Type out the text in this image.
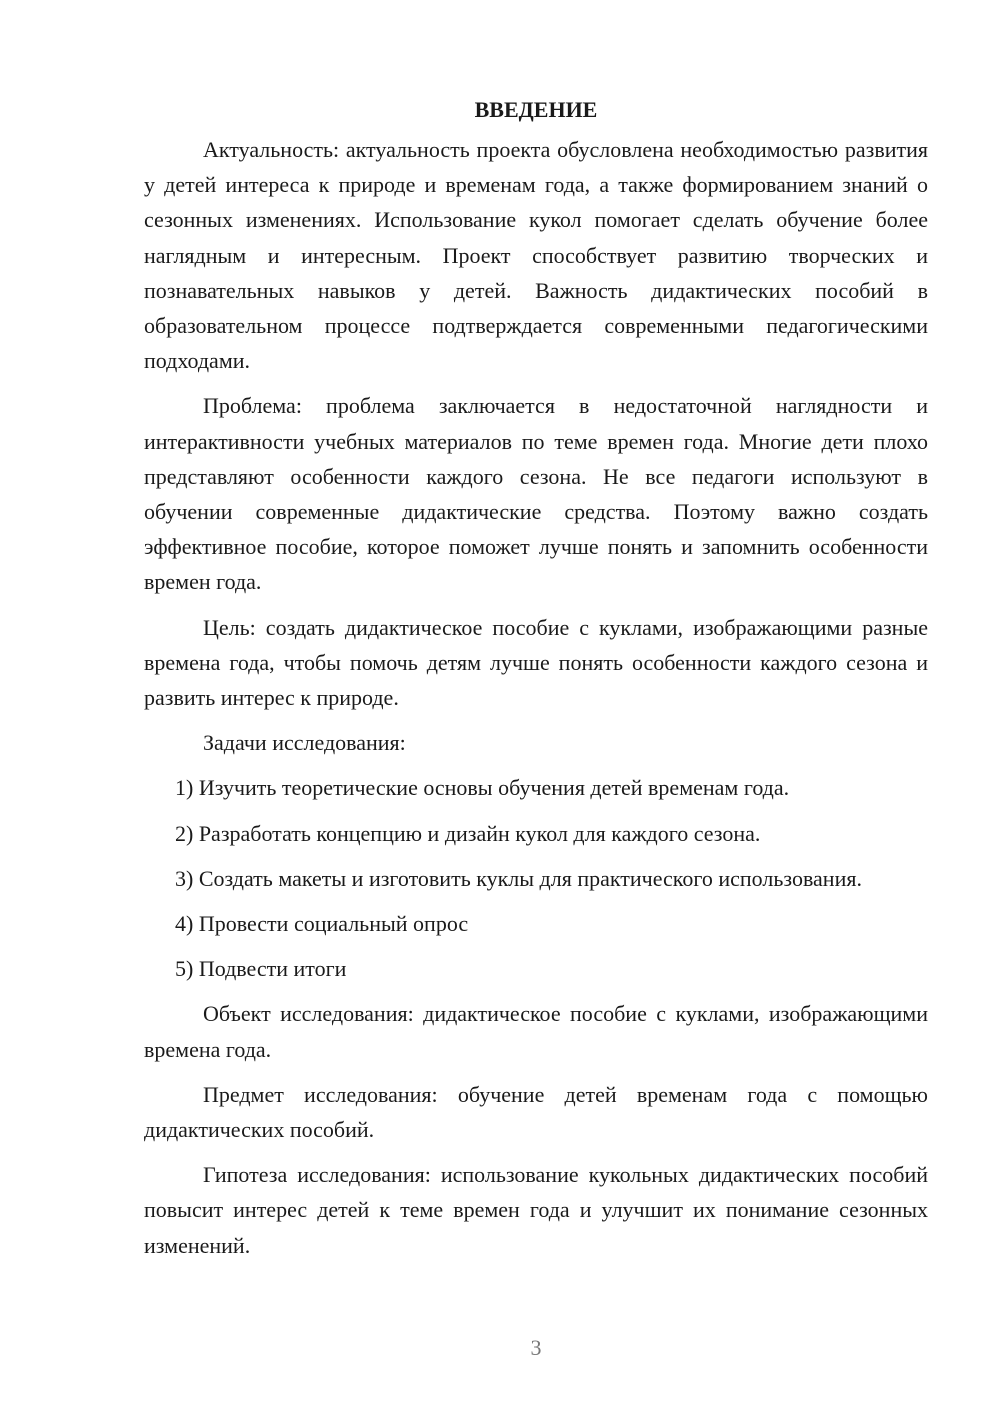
ВВЕДЕНИЕ

Актуальность: актуальность проекта обусловлена необходимостью развития у детей интереса к природе и временам года, а также формированием знаний о сезонных изменениях. Использование кукол помогает сделать обучение более наглядным и интересным. Проект способствует развитию творческих и познавательных навыков у детей. Важность дидактических пособий в образовательном процессе подтверждается современными педагогическими подходами.

Проблема: проблема заключается в недостаточной наглядности и интерактивности учебных материалов по теме времен года. Многие дети плохо представляют особенности каждого сезона. Не все педагоги используют в обучении современные дидактические средства. Поэтому важно создать эффективное пособие, которое поможет лучше понять и запомнить особенности времен года.

Цель: создать дидактическое пособие с куклами, изображающими разные времена года, чтобы помочь детям лучше понять особенности каждого сезона и развить интерес к природе.

Задачи исследования:

1) Изучить теоретические основы обучения детей временам года.

2) Разработать концепцию и дизайн кукол для каждого сезона.

3) Создать макеты и изготовить куклы для практического использования.

4) Провести социальный опрос

5) Подвести итоги

Объект исследования: дидактическое пособие с куклами, изображающими времена года.

Предмет исследования: обучение детей временам года с помощью дидактических пособий.

Гипотеза исследования: использование кукольных дидактических пособий повысит интерес детей к теме времен года и улучшит их понимание сезонных изменений.

3
